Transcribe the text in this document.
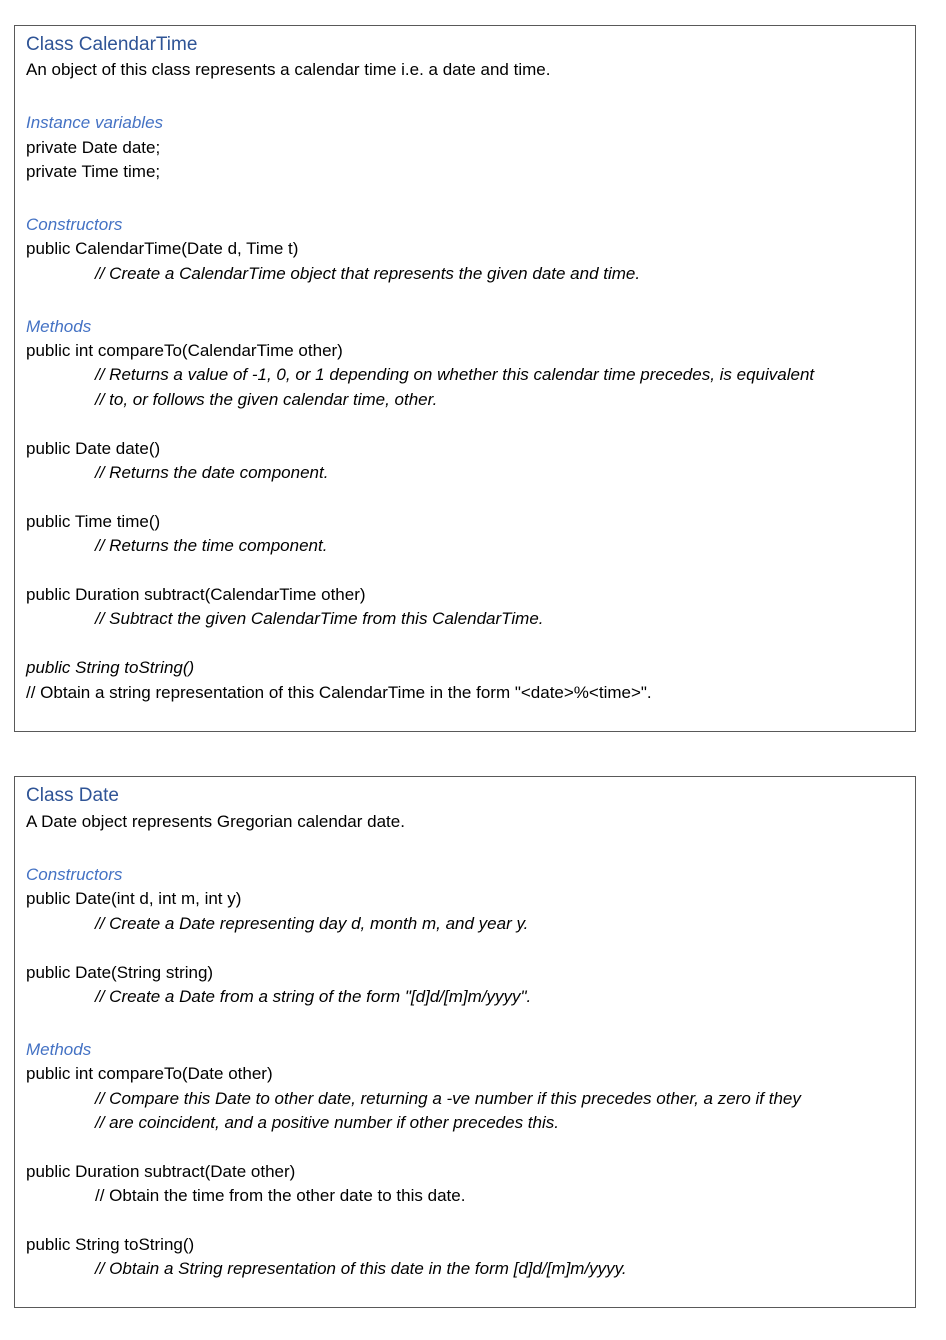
Class CalendarTime
An object of this class represents a calendar time i.e. a date and time.
Instance variables
private Date date;
private Time time;
Constructors
public CalendarTime(Date d, Time t)
// Create a CalendarTime object that represents the given date and time.
Methods
public int compareTo(CalendarTime other)
// Returns a value of -1, 0, or 1 depending on whether this calendar time precedes, is equivalent
// to, or follows the given calendar time, other.
public Date date()
// Returns the date component.
public Time time()
// Returns the time component.
public Duration subtract(CalendarTime other)
// Subtract the given CalendarTime from this CalendarTime.
public String toString()
// Obtain a string representation of this CalendarTime in the form "<date>%<time>".
Class Date
A Date object represents Gregorian calendar date.
Constructors
public Date(int d, int m, int y)
// Create a Date representing day d, month m, and year y.
public Date(String string)
// Create a Date from a string of the form "[d]d/[m]m/yyyy".
Methods
public int compareTo(Date other)
// Compare this Date to other date, returning a -ve number if this precedes other, a zero if they
// are coincident, and a positive number if other precedes this.
public Duration subtract(Date other)
// Obtain the time from the other date to this date.
public String toString()
// Obtain a String representation of this date in the form [d]d/[m]m/yyyy.
